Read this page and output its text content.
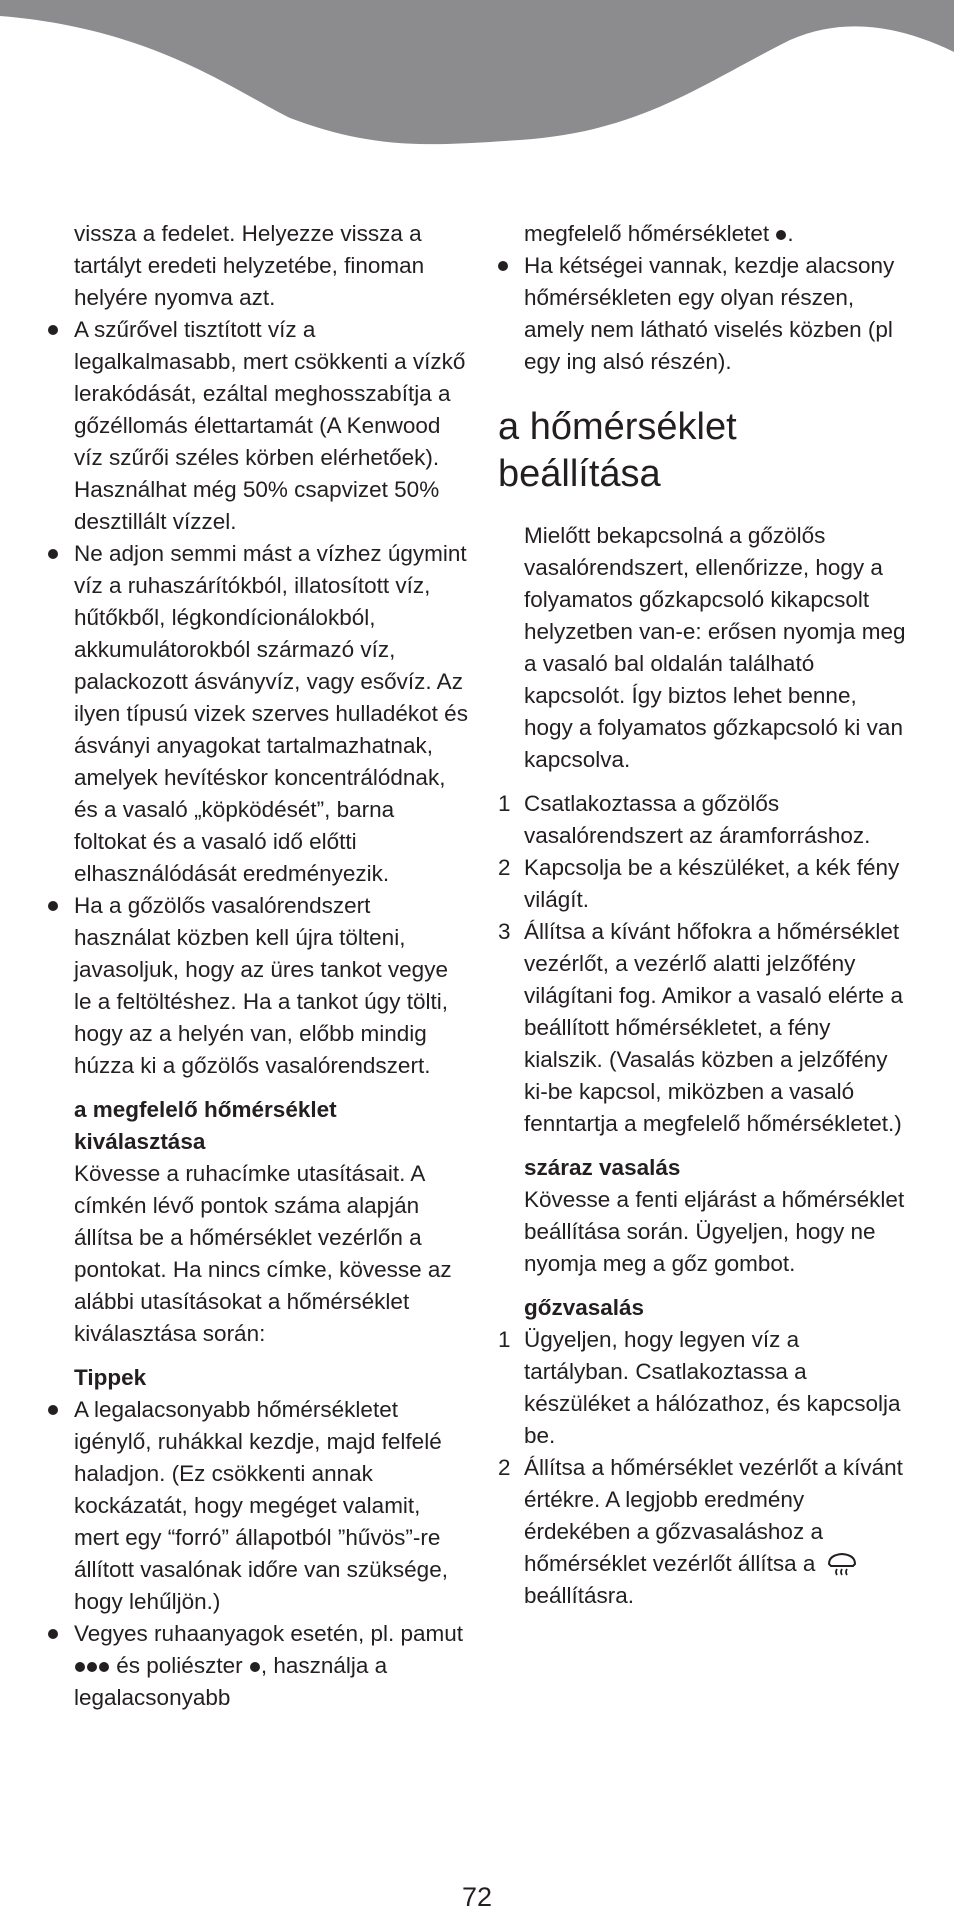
vissza a fedelet. Helyezze vissza a tartályt eredeti helyzetébe, finoman helyére nyomva azt.

A szűrővel tisztított víz a legalkalmasabb, mert csökkenti a vízkő lerakódását, ezáltal meghosszabítja a gőzéllomás élettartamát (A Kenwood víz szűrői széles körben elérhetőek). Használhat még 50% csapvizet 50% desztillált vízzel.
Ne adjon semmi mást a vízhez úgymint víz a ruhaszárítókból, illatosított víz, hűtőkből, légkondícionálokból, akkumulátorokból származó víz, palackozott ásványvíz, vagy esővíz. Az ilyen típusú vizek szerves hulladékot és ásványi anyagokat tartalmazhatnak, amelyek hevítéskor koncentrálódnak, és a vasaló „köpködését”, barna foltokat és a vasaló idő előtti elhasználódását eredményezik.
Ha a gőzölős vasalórendszert használat közben kell újra tölteni, javasoljuk, hogy az üres tankot vegye le a feltöltéshez. Ha a tankot úgy tölti, hogy az a helyén van, előbb mindig húzza ki a gőzölős vasalórendszert.

a megfelelő hőmérséklet kiválasztása

Kövesse a ruhacímke utasításait. A címkén lévő pontok száma alapján állítsa be a hőmérséklet vezérlőn a pontokat. Ha nincs címke, kövesse az alábbi utasításokat a hőmérséklet kiválasztása során:

Tippek

A legalacsonyabb hőmérsékletet igénylő, ruhákkal kezdje, majd felfelé haladjon. (Ez csökkenti annak kockázatát, hogy megéget valamit, mert egy “forró” állapotból ”hűvös”-re állított vasalónak időre van szüksége, hogy lehűljön.)
Vegyes ruhaanyagok esetén, pl. pamut  és poliészter , használja a legalacsonyabb

megfelelő hőmérsékletet .

Ha kétségei vannak, kezdje alacsony hőmérsékleten egy olyan részen, amely nem látható viselés közben (pl egy ing alsó részén).
a hőmérséklet
beállítása

Mielőtt bekapcsolná a gőzölős vasalórendszert, ellenőrizze, hogy a folyamatos gőzkapcsoló kikapcsolt helyzetben van-e: erősen nyomja meg a vasaló bal oldalán található kapcsolót. Így biztos lehet benne, hogy a folyamatos gőzkapcsoló ki van kapcsolva.

1 Csatlakoztassa a gőzölős vasalórendszert az áramforráshoz.
2 Kapcsolja be a készüléket, a kék fény világít.
3 Állítsa a kívánt hőfokra a hőmérséklet vezérlőt, a vezérlő alatti jelzőfény világítani fog. Amikor a vasaló elérte a beállított hőmérsékletet, a fény kialszik. (Vasalás közben a jelzőfény ki-be kapcsol, miközben a vasaló fenntartja a megfelelő hőmérsékletet.)

száraz vasalás

Kövesse a fenti eljárást a hőmérséklet beállítása során. Ügyeljen, hogy ne nyomja meg a gőz gombot.

gőzvasalás

1 Ügyeljen, hogy legyen víz a tartályban. Csatlakoztassa a készüléket a hálózathoz, és kapcsolja be.
2 Állítsa a hőmérséklet vezérlőt a kívánt értékre. A legjobb eredmény érdekében a gőzvasaláshoz a hőmérséklet vezérlőt állítsa a
beállításra.
72
